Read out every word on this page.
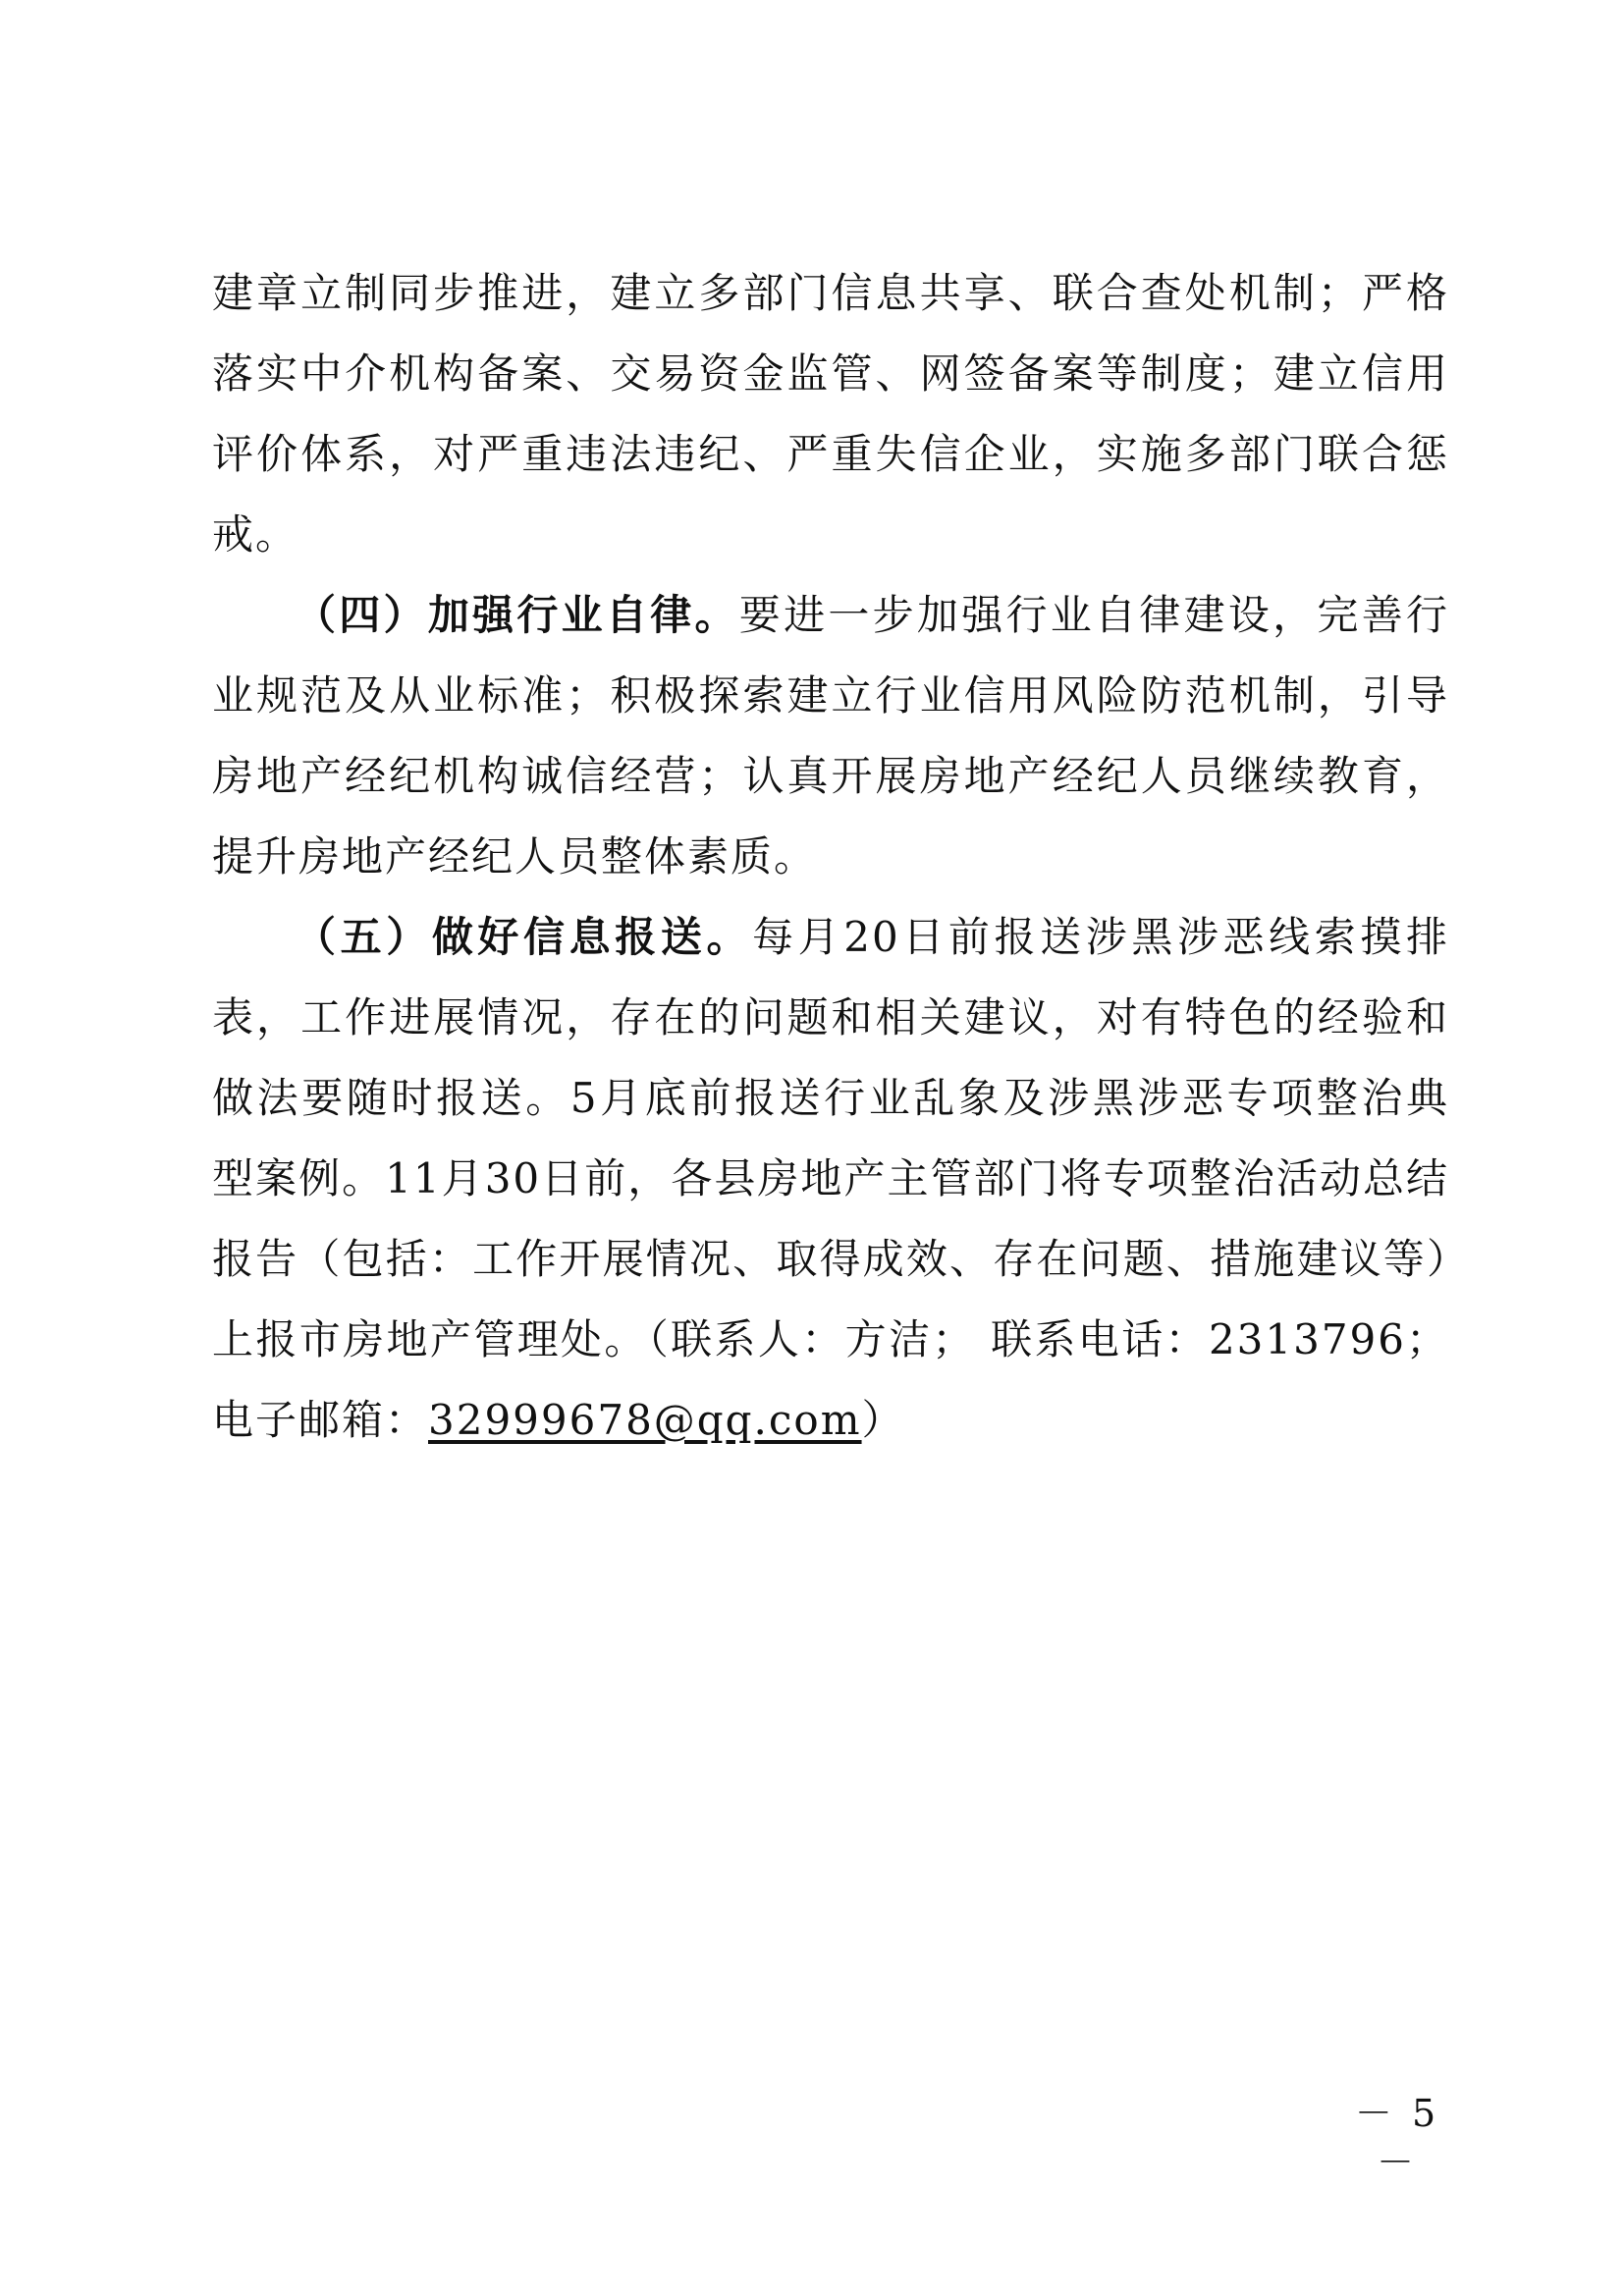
建章立制同步推进，建立多部门信息共享、联合查处机制；严格落实中介机构备案、交易资金监管、网签备案等制度；建立信用评价体系，对严重违法违纪、严重失信企业，实施多部门联合惩戒。

（四）加强行业自律。要进一步加强行业自律建设，完善行业规范及从业标准；积极探索建立行业信用风险防范机制，引导房地产经纪机构诚信经营；认真开展房地产经纪人员继续教育，提升房地产经纪人员整体素质。

（五）做好信息报送。每月20日前报送涉黑涉恶线索摸排表，工作进展情况，存在的问题和相关建议，对有特色的经验和做法要随时报送。5月底前报送行业乱象及涉黑涉恶专项整治典型案例。11月30日前，各县房地产主管部门将专项整治活动总结报告（包括：工作开展情况、取得成效、存在问题、措施建议等）上报市房地产管理处。（联系人：方洁； 联系电话：2313796；电子邮箱：32999678@qq.com）

－ 5 －
